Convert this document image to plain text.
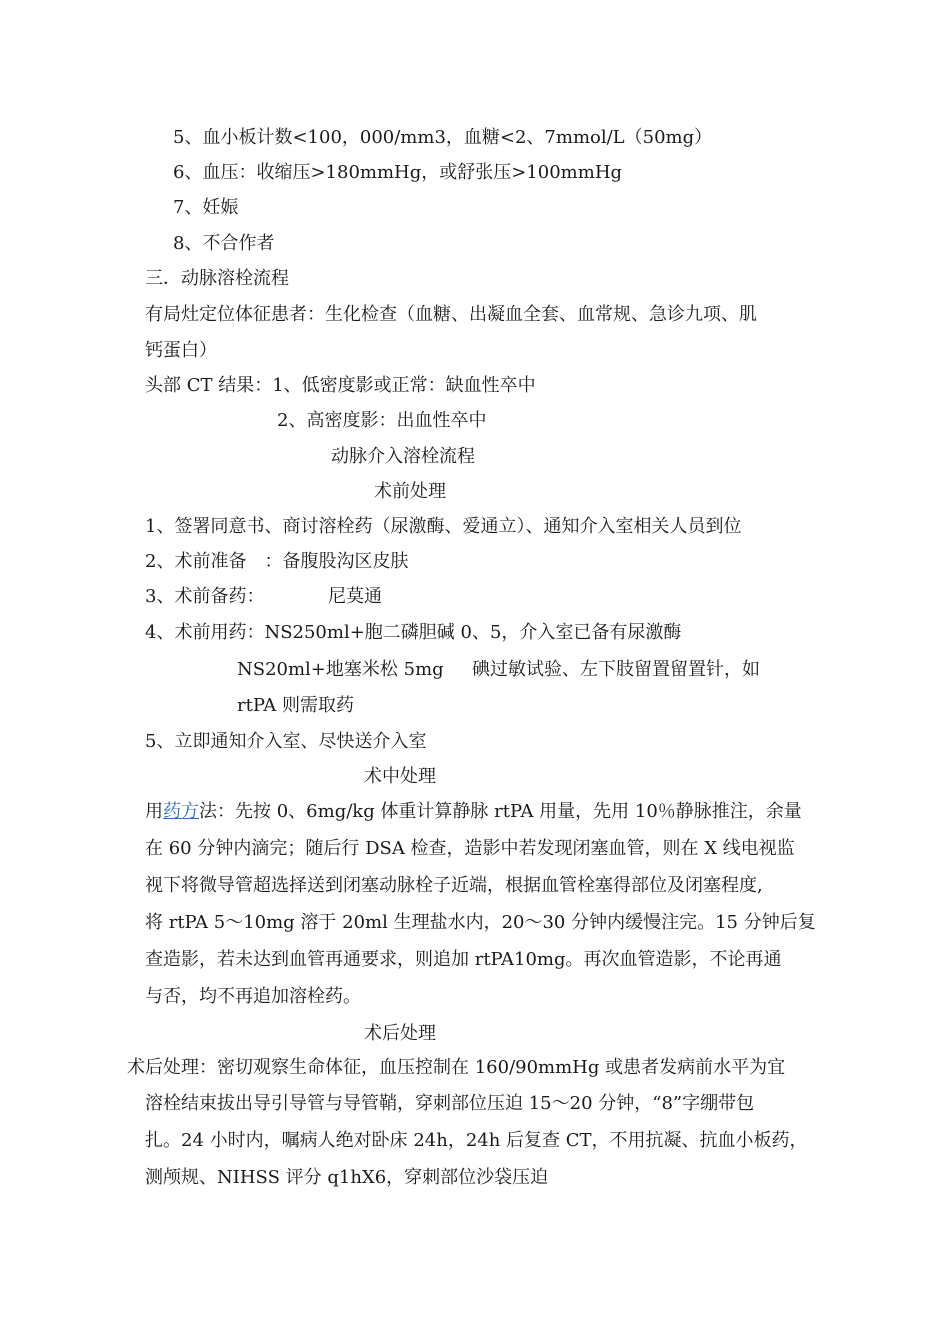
5、血小板计数<100，000/mm3，血糖<2、7mmol/L（50mg）
6、血压：收缩压>180mmHg，或舒张压>100mmHg
7、妊娠
8、不合作者
三．动脉溶栓流程
有局灶定位体征患者：生化检查（血糖、出凝血全套、血常规、急诊九项、肌
钙蛋白）
头部 CT 结果：1、低密度影或正常：缺血性卒中
2、高密度影：出血性卒中
动脉介入溶栓流程
术前处理
1、签署同意书、商讨溶栓药（尿激酶、爱通立）、通知介入室相关人员到位
2、术前准备　：备腹股沟区皮肤
3、术前备药：	尼莫通
4、术前用药：NS250ml+胞二磷胆碱 0、5，介入室已备有尿激酶
NS20ml+地塞米松 5mg 碘过敏试验、左下肢留置留置针，如
rtPA 则需取药
5、立即通知介入室、尽快送介入室
术中处理
用药方法：先按 0、6mg/kg 体重计算静脉 rtPA 用量，先用 10％静脉推注，余量
在 60 分钟内滴完；随后行 DSA 检查，造影中若发现闭塞血管，则在 X 线电视监
视下将微导管超选择送到闭塞动脉栓子近端，根据血管栓塞得部位及闭塞程度,
将 rtPA 5～10mg 溶于 20ml 生理盐水内，20～30 分钟内缓慢注完。15 分钟后复
查造影，若未达到血管再通要求，则追加 rtPA10mg。再次血管造影，不论再通
与否，均不再追加溶栓药。
术后处理
术后处理：密切观察生命体征，血压控制在 160/90mmHg 或患者发病前水平为宜
溶栓结束拔出导引导管与导管鞘，穿刺部位压迫 15～20 分钟，“8”字绷带包
扎。24 小时内，嘱病人绝对卧床 24h，24h 后复查 CT，不用抗凝、抗血小板药，
测颅规、NIHSS 评分 q1hX6，穿刺部位沙袋压迫
